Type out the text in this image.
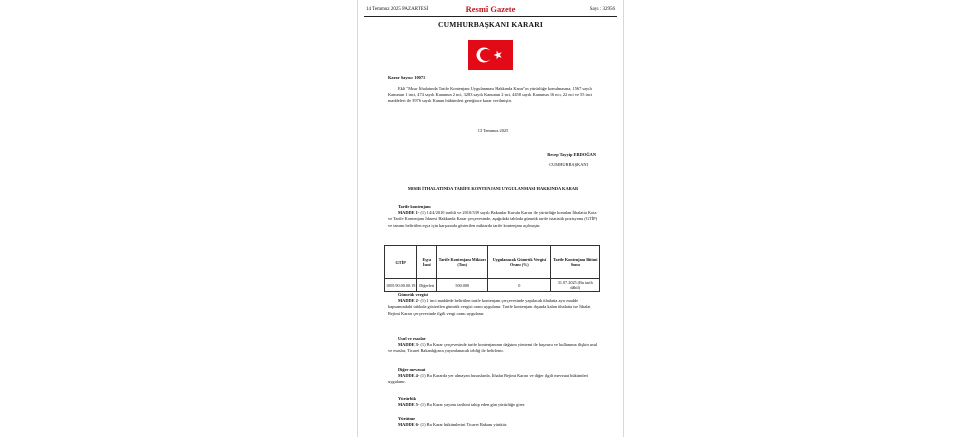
14 Temmuz 2025 PAZARTESİ	Resmî Gazete	Sayı : 32956
CUMHURBAŞKANI KARARI
Karar Sayısı: 10071
Ekli "Mısır İthalatında Tarife Kontenjanı Uygulanması Hakkında Karar"ın yürürlüğe konulmasına, 1567 sayılı Kanunun 1 inci, 474 sayılı Kanunun 2 nci, 3283 sayılı Kanunun 2 nci, 4458 sayılı Kanunun 16 ncı, 22 nci ve 55 inci maddeleri ile 3976 sayılı Kanun hükümleri gereğince karar verilmiştir.
13 Temmuz 2025
Recep Tayyip ERDOĞAN
CUMHURBAŞKANI
MISIR İTHALATINDA TARİFE KONTENJANI UYGULANMASI HAKKINDA KARAR
Tarife kontenjanı
MADDE 1- (1) 14/4/2010 tarihli ve 2010/339 sayılı Bakanlar Kurulu Kararı ile yürürlüğe konulan İthalatta Kota ve Tarife Kontenjanı İdaresi Hakkında Karar çerçevesinde, aşağıdaki tabloda gümrük tarife istatistik pozisyonu (GTİP) ve tanımı belirtilen eşya için karşısında gösterilen miktarda tarife kontenjanı açılmıştır.
GTİP	Eşya İsmi	Tarife Kontenjanı Miktarı (Ton)	Uygulanacak Gümrük Vergisi Oranı (%)	Tarife Kontenjanı Bitimi Sonu
1005.90.00.00.19	Diğerleri	500.000	0	31.07.2025 (Bu tarih dâhil)
Gümrük vergisi
MADDE 2- (1) 1 inci maddede belirtilen tarife kontenjanı çerçevesinde yapılacak ithalatta ayrı madde kapsamındaki tabloda gösterilen gümrük vergisi oranı uygulanır. Tarife kontenjanı dışında kalan ithalatta ise İthalat Rejimi Kararı çerçevesinde ilgili vergi oranı uygulanır.
Usul ve esaslar
MADDE 3- (1) Bu Karar çerçevesinde tarife kontenjanının dağıtım yöntemi ile başvuru ve kullanıma ilişkin usul ve esaslar, Ticaret Bakanlığınca yayımlanacak tebliğ ile belirlenir.
Diğer mevzuat
MADDE 4- (1) Bu Kararda yer almayan hususlarda, İthalat Rejimi Kararı ve diğer ilgili mevzuat hükümleri uygulanır.
Yürürlük
MADDE 5- (1) Bu Karar yayımı tarihini takip eden gün yürürlüğe girer.
Yürütme
MADDE 6- (1) Bu Karar hükümlerini Ticaret Bakanı yürütür.
